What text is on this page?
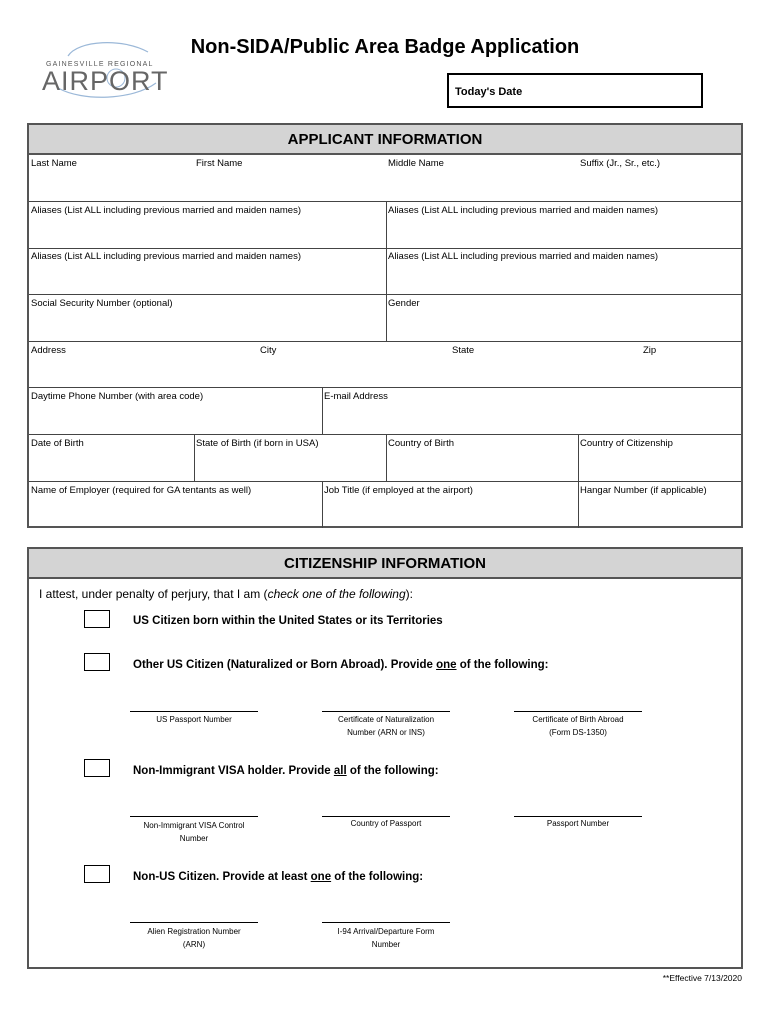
GAINESVILLE REGIONAL
AIRPORT
Non-SIDA/Public Area Badge Application
Today's Date
APPLICANT INFORMATION
Last Name	First Name	Middle Name	Suffix (Jr., Sr., etc.)
Aliases (List ALL including previous married and maiden names)	Aliases (List ALL including previous married and maiden names)
Aliases (List ALL including previous married and maiden names)	Aliases (List ALL including previous married and maiden names)
Social Security Number (optional)	Gender
Address	City	State	Zip
Daytime Phone Number (with area code)	E-mail Address
Date of Birth	State of Birth (if born in USA)	Country of Birth	Country of Citizenship
Name of Employer (required for GA tentants as well)	Job Title (if employed at the airport)	Hangar Number (if applicable)
CITIZENSHIP INFORMATION
I attest, under penalty of perjury, that I am (check one of the following):
US Citizen born within the United States or its Territories
Other US Citizen (Naturalized or Born Abroad). Provide one of the following:
US Passport Number	Certificate of Naturalization
Number (ARN or INS)
Certificate of Birth Abroad
(Form DS-1350)
Non-Immigrant VISA holder. Provide all of the following:
Non-Immigrant VISA Control
Number
Country of Passport	Passport Number
Non-US Citizen. Provide at least one of the following:
Alien Registration Number
(ARN)
I-94 Arrival/Departure Form
Number
**Effective 7/13/2020
